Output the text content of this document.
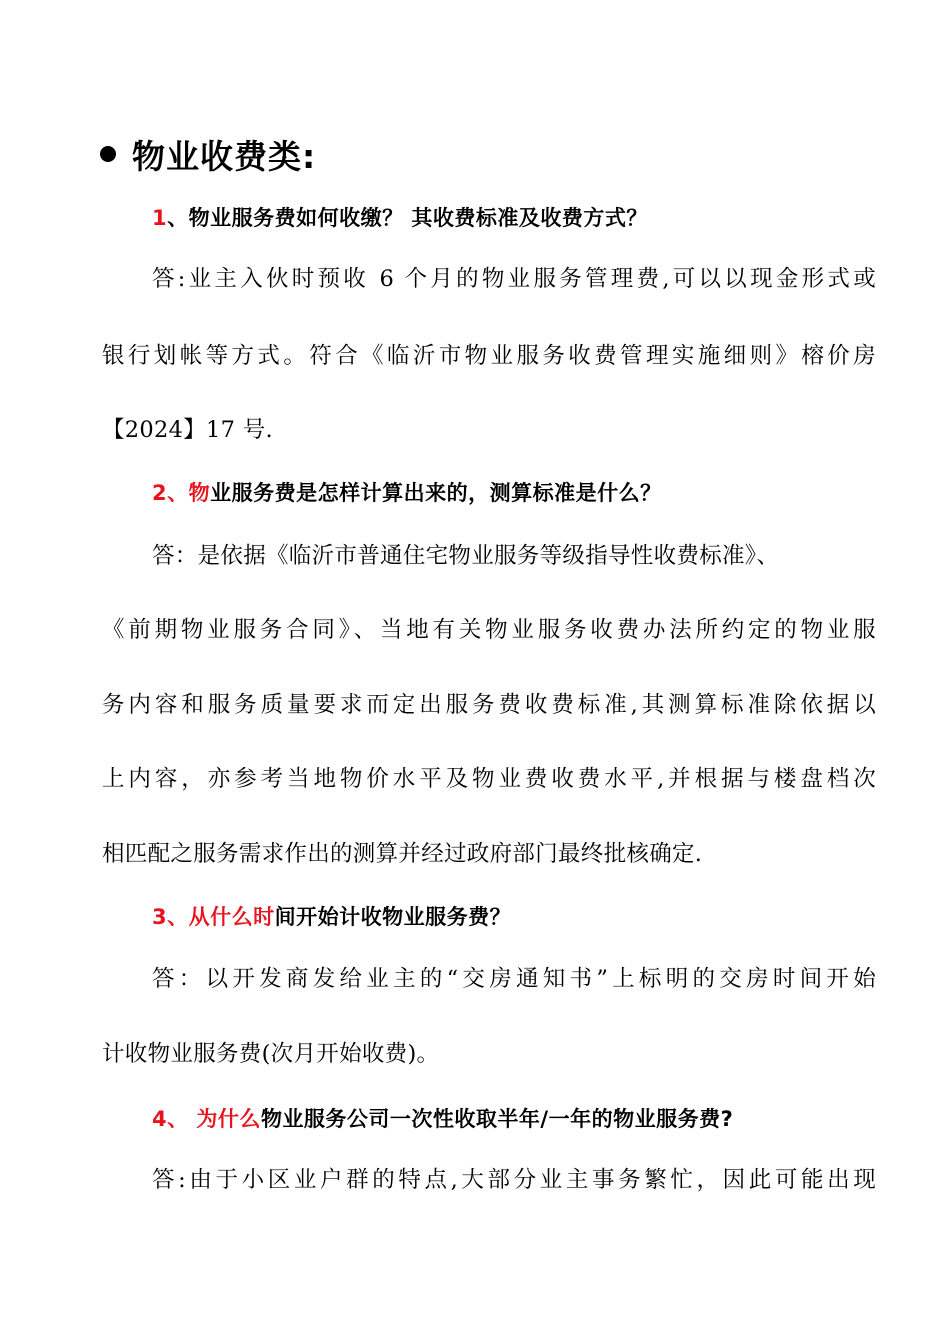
物业收费类:
1、物业服务费如何收缴？ 其收费标准及收费方式？
答:业主入伙时预收 6 个月的物业服务管理费,可以以现金形式或
银行划帐等方式。符合《临沂市物业服务收费管理实施细则》榕价房
【2024】17 号.
2、物业服务费是怎样计算出来的，测算标准是什么？
答：是依据《临沂市普通住宅物业服务等级指导性收费标准》、
《前期物业服务合同》、当地有关物业服务收费办法所约定的物业服
务内容和服务质量要求而定出服务费收费标准,其测算标准除依据以
上内容，亦参考当地物价水平及物业费收费水平,并根据与楼盘档次
相匹配之服务需求作出的测算并经过政府部门最终批核确定.
3、从什么时间开始计收物业服务费？
答：以开发商发给业主的“交房通知书”上标明的交房时间开始
计收物业服务费(次月开始收费)。
4、 为什么物业服务公司一次性收取半年/一年的物业服务费?
答:由于小区业户群的特点,大部分业主事务繁忙，因此可能出现
